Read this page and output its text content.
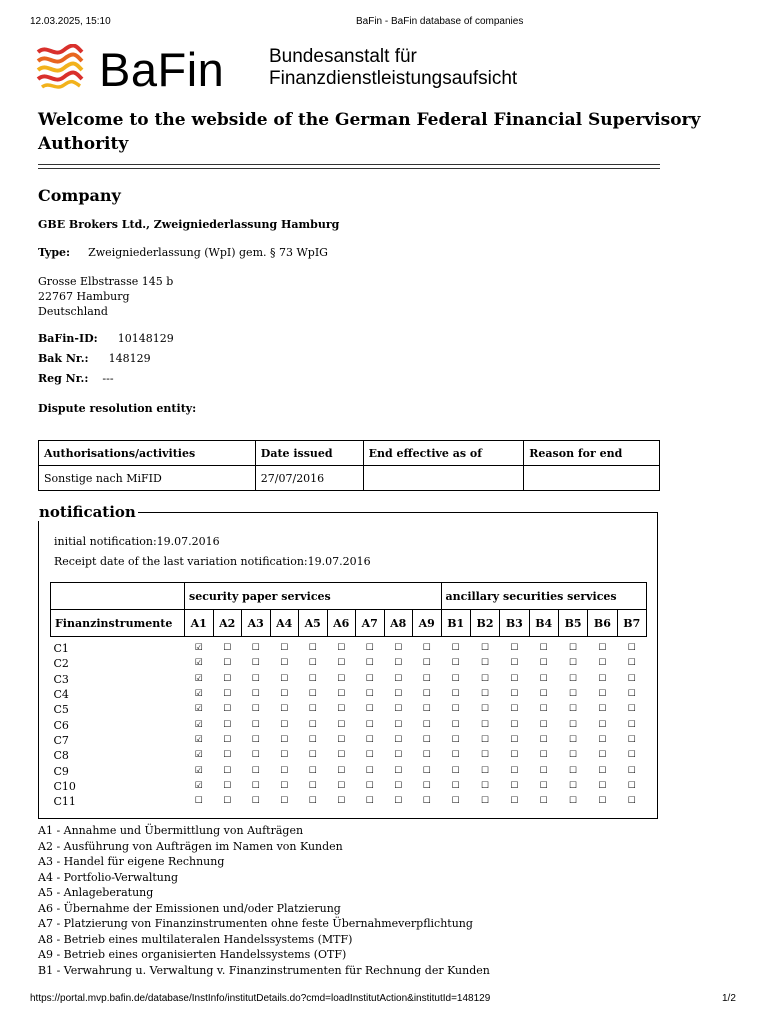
12.03.2025, 15:10	BaFin - BaFin database of companies
BaFin Bundesanstalt für
Finanzdienstleistungsaufsicht
Welcome to the webside of the German Federal Financial Supervisory Authority
Company
GBE Brokers Ltd., Zweigniederlassung Hamburg
Type: Zweigniederlassung (WpI) gem. § 73 WpIG
Grosse Elbstrasse 145 b
22767 Hamburg
Deutschland
BaFin-ID: 10148129
Bak Nr.: 148129
Reg Nr.: ---
Dispute resolution entity:
Authorisations/activities	Date issued	End effective as of	Reason for end
Sonstige nach MiFID	27/07/2016		
notification
initial notification:19.07.2016
Receipt date of the last variation notification:19.07.2016
	security paper services									ancillary securities services						
Finanzinstrumente	A1	A2	A3	A4	A5	A6	A7	A8	A9	B1	B2	B3	B4	B5	B6	B7

C1	☑	☐	☐	☐	☐	☐	☐	☐	☐	☐	☐	☐	☐	☐	☐	☐
C2	☑	☐	☐	☐	☐	☐	☐	☐	☐	☐	☐	☐	☐	☐	☐	☐
C3	☑	☐	☐	☐	☐	☐	☐	☐	☐	☐	☐	☐	☐	☐	☐	☐
C4	☑	☐	☐	☐	☐	☐	☐	☐	☐	☐	☐	☐	☐	☐	☐	☐
C5	☑	☐	☐	☐	☐	☐	☐	☐	☐	☐	☐	☐	☐	☐	☐	☐
C6	☑	☐	☐	☐	☐	☐	☐	☐	☐	☐	☐	☐	☐	☐	☐	☐
C7	☑	☐	☐	☐	☐	☐	☐	☐	☐	☐	☐	☐	☐	☐	☐	☐
C8	☑	☐	☐	☐	☐	☐	☐	☐	☐	☐	☐	☐	☐	☐	☐	☐
C9	☑	☐	☐	☐	☐	☐	☐	☐	☐	☐	☐	☐	☐	☐	☐	☐
C10	☑	☐	☐	☐	☐	☐	☐	☐	☐	☐	☐	☐	☐	☐	☐	☐
C11	☐	☐	☐	☐	☐	☐	☐	☐	☐	☐	☐	☐	☐	☐	☐	☐
A1 - Annahme und Übermittlung von Aufträgen
A2 - Ausführung von Aufträgen im Namen von Kunden
A3 - Handel für eigene Rechnung
A4 - Portfolio-Verwaltung
A5 - Anlageberatung
A6 - Übernahme der Emissionen und/oder Platzierung
A7 - Platzierung von Finanzinstrumenten ohne feste Übernahmeverpflichtung
A8 - Betrieb eines multilateralen Handelssystems (MTF)
A9 - Betrieb eines organisierten Handelssystems (OTF)
B1 - Verwahrung u. Verwaltung v. Finanzinstrumenten für Rechnung der Kunden
https://portal.mvp.bafin.de/database/InstInfo/institutDetails.do?cmd=loadInstitutAction&institutId=148129	1/2
